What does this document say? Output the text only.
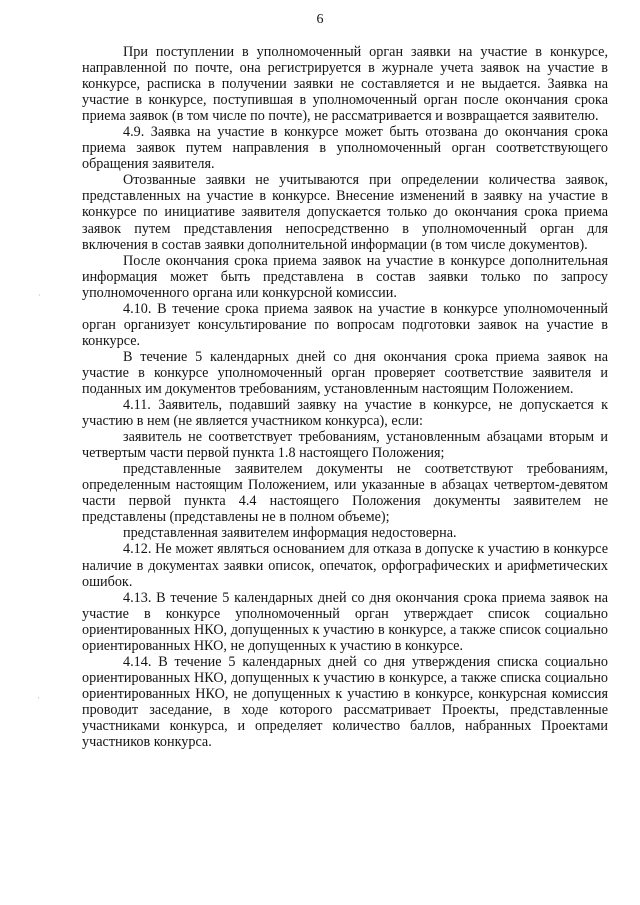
6

При поступлении в уполномоченный орган заявки на участие в конкурсе, направленной по почте, она регистрируется в журнале учета заявок на участие в конкурсе, расписка в получении заявки не составляется и не выдается. Заявка на участие в конкурсе, поступившая в уполномоченный орган после окончания срока приема заявок (в том числе по почте), не рассматривается и возвращается заявителю.

4.9. Заявка на участие в конкурсе может быть отозвана до окончания срока приема заявок путем направления в уполномоченный орган соответствующего обращения заявителя.

Отозванные заявки не учитываются при определении количества заявок, представленных на участие в конкурсе. Внесение изменений в заявку на участие в конкурсе по инициативе заявителя допускается только до окончания срока приема заявок путем представления непосредственно в уполномоченный орган для включения в состав заявки дополнительной информации (в том числе документов).

После окончания срока приема заявок на участие в конкурсе дополнительная информация может быть представлена в состав заявки только по запросу уполномоченного органа или конкурсной комиссии.

4.10. В течение срока приема заявок на участие в конкурсе уполномоченный орган организует консультирование по вопросам подготовки заявок на участие в конкурсе.

В течение 5 календарных дней со дня окончания срока приема заявок на участие в конкурсе уполномоченный орган проверяет соответствие заявителя и поданных им документов требованиям, установленным настоящим Положением.

4.11. Заявитель, подавший заявку на участие в конкурсе, не допускается к участию в нем (не является участником конкурса), если:

заявитель не соответствует требованиям, установленным абзацами вторым и четвертым части первой пункта 1.8 настоящего Положения;

представленные заявителем документы не соответствуют требованиям, определенным настоящим Положением, или указанные в абзацах четвертом-девятом части первой пункта 4.4 настоящего Положения документы заявителем не представлены (представлены не в полном объеме);

представленная заявителем информация недостоверна.

4.12. Не может являться основанием для отказа в допуске к участию в конкурсе наличие в документах заявки описок, опечаток, орфографических и арифметических ошибок.

4.13. В течение 5 календарных дней со дня окончания срока приема заявок на участие в конкурсе уполномоченный орган утверждает список социально ориентированных НКО, допущенных к участию в конкурсе, а также список социально ориентированных НКО, не допущенных к участию в конкурсе.

4.14. В течение 5 календарных дней со дня утверждения списка социально ориентированных НКО, допущенных к участию в конкурсе, а также списка социально ориентированных НКО, не допущенных к участию в конкурсе, конкурсная комиссия проводит заседание, в ходе которого рассматривает Проекты, представленные участниками конкурса, и определяет количество баллов, набранных Проектами участников конкурса.

·
·
